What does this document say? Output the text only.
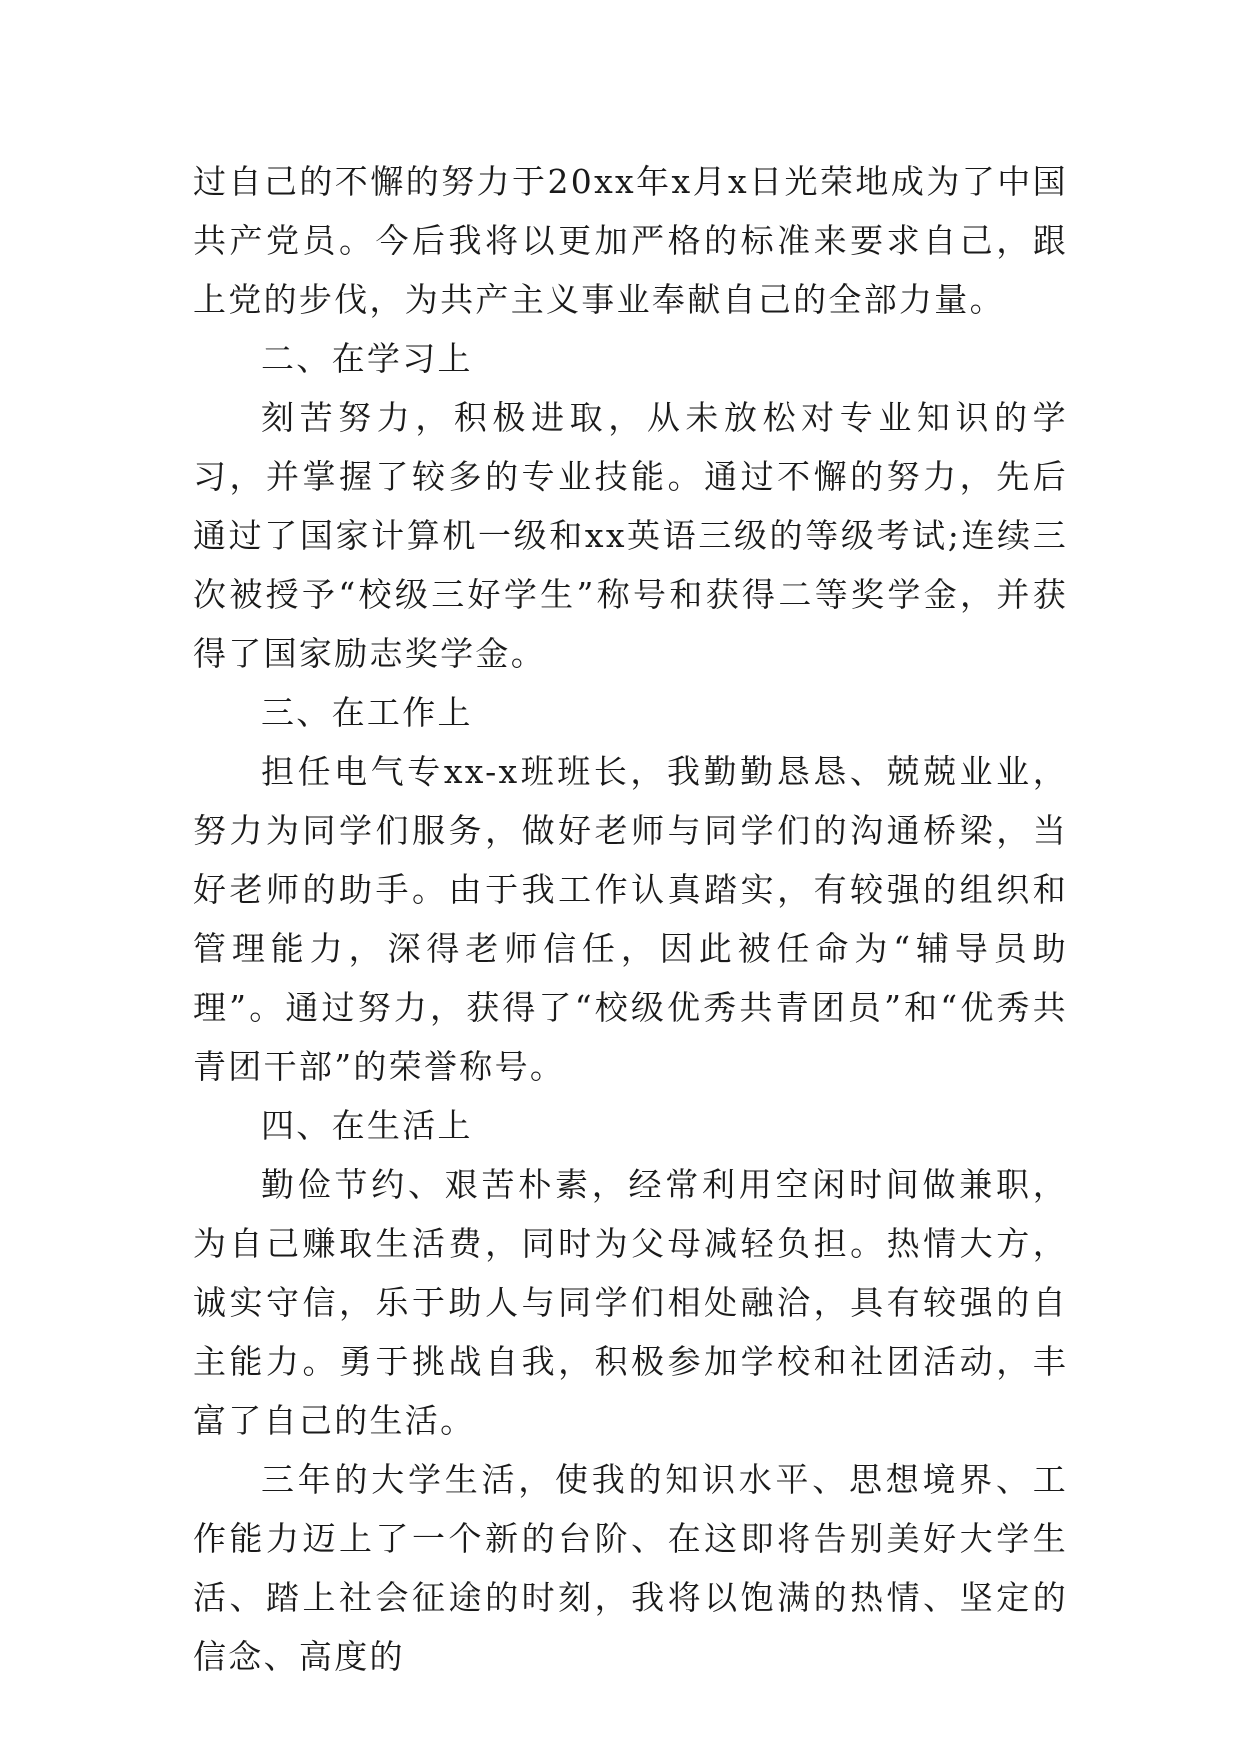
过自己的不懈的努力于20xx年x月x日光荣地成为了中国共产党员。今后我将以更加严格的标准来要求自己，跟上党的步伐，为共产主义事业奉献自己的全部力量。

二、在学习上

刻苦努力，积极进取，从未放松对专业知识的学习，并掌握了较多的专业技能。通过不懈的努力，先后通过了国家计算机一级和xx英语三级的等级考试;连续三次被授予“校级三好学生”称号和获得二等奖学金，并获得了国家励志奖学金。

三、在工作上

担任电气专xx-x班班长，我勤勤恳恳、兢兢业业，努力为同学们服务，做好老师与同学们的沟通桥梁，当好老师的助手。由于我工作认真踏实，有较强的组织和管理能力，深得老师信任，因此被任命为“辅导员助理”。通过努力，获得了“校级优秀共青团员”和“优秀共青团干部”的荣誉称号。

四、在生活上

勤俭节约、艰苦朴素，经常利用空闲时间做兼职，为自己赚取生活费，同时为父母减轻负担。热情大方，诚实守信，乐于助人与同学们相处融洽，具有较强的自主能力。勇于挑战自我，积极参加学校和社团活动，丰富了自己的生活。

三年的大学生活，使我的知识水平、思想境界、工作能力迈上了一个新的台阶、在这即将告别美好大学生活、踏上社会征途的时刻，我将以饱满的热情、坚定的信念、高度的
